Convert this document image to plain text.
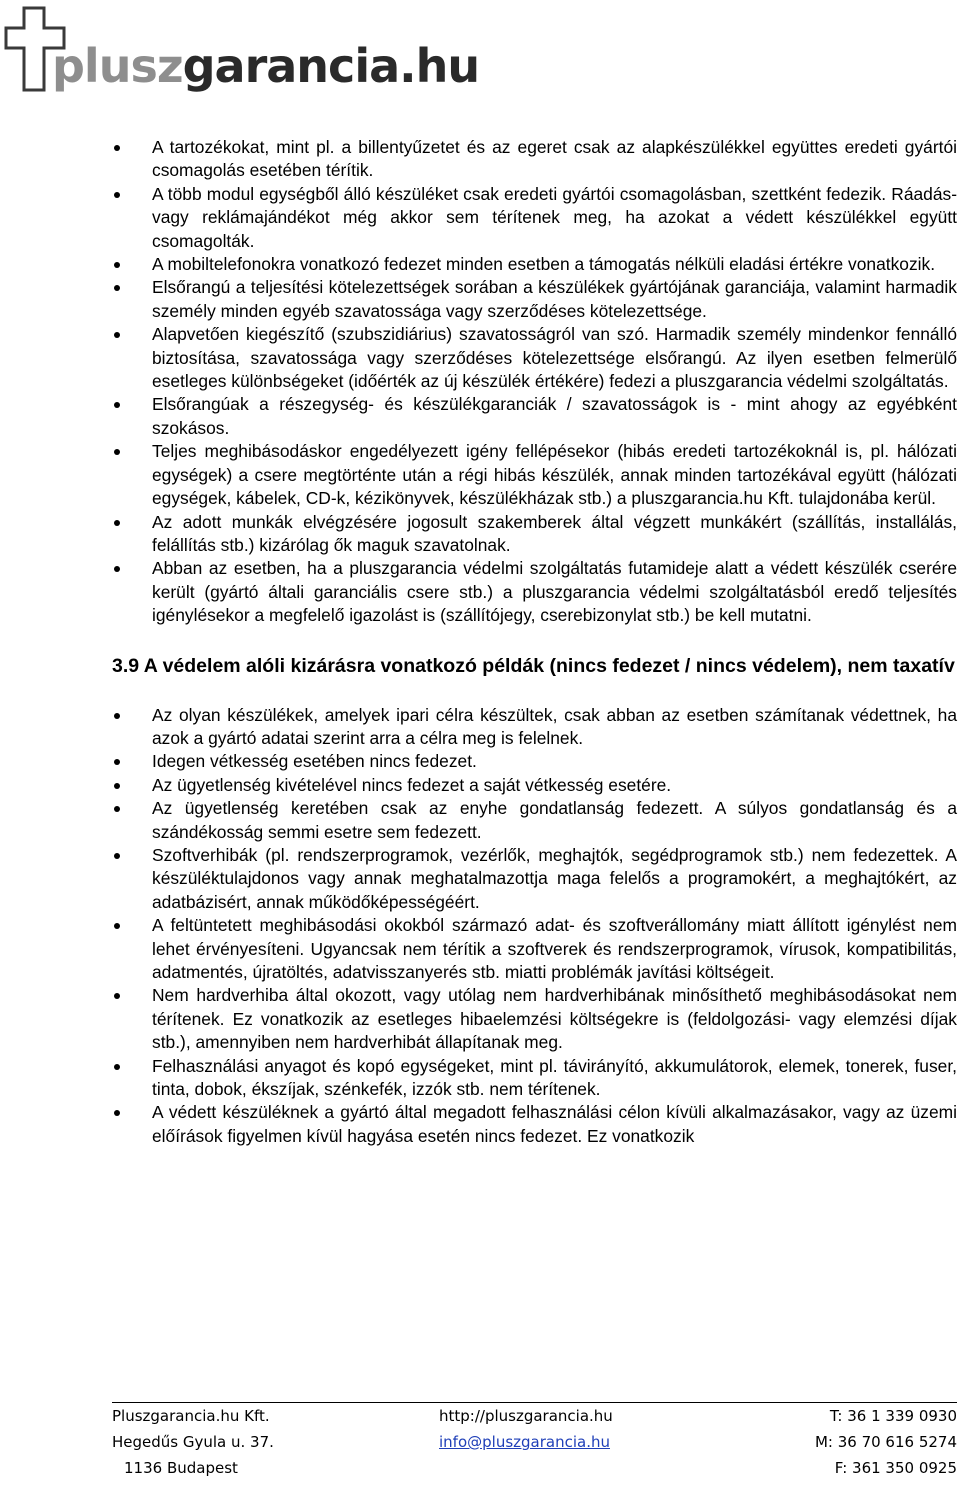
pluszgarancia.hu
A tartozékokat, mint pl. a billentyűzetet és az egeret csak az alapkészülékkel együttes eredeti gyártói csomagolás esetében térítik.
A több modul egységből álló készüléket csak eredeti gyártói csomagolásban, szettként fedezik. Ráadás- vagy reklámajándékot még akkor sem térítenek meg, ha azokat a védett készülékkel együtt csomagolták.
A mobiltelefonokra vonatkozó fedezet minden esetben a támogatás nélküli eladási értékre vonatkozik.
Elsőrangú a teljesítési kötelezettségek sorában a készülékek gyártójának garanciája, valamint harmadik személy minden egyéb szavatossága vagy szerződéses kötelezettsége.
Alapvetően kiegészítő (szubszidiárius) szavatosságról van szó. Harmadik személy mindenkor fennálló biztosítása, szavatossága vagy szerződéses kötelezettsége elsőrangú. Az ilyen esetben felmerülő esetleges különbségeket (időérték az új készülék értékére) fedezi a pluszgarancia védelmi szolgáltatás.
Elsőrangúak a részegység- és készülékgaranciák / szavatosságok is - mint ahogy az egyébként szokásos.
Teljes meghibásodáskor engedélyezett igény fellépésekor (hibás eredeti tartozékoknál is, pl. hálózati egységek) a csere megtörténte után a régi hibás készülék, annak minden tartozékával együtt (hálózati egységek, kábelek, CD-k, kézikönyvek, készülékházak stb.) a pluszgarancia.hu Kft. tulajdonába kerül.
Az adott munkák elvégzésére jogosult szakemberek által végzett munkákért (szállítás, installálás, felállítás stb.) kizárólag ők maguk szavatolnak.
Abban az esetben, ha a pluszgarancia védelmi szolgáltatás futamideje alatt a védett készülék cserére került (gyártó általi garanciális csere stb.) a pluszgarancia védelmi szolgáltatásból eredő teljesítés igénylésekor a megfelelő igazolást is (szállítójegy, cserebizonylat stb.) be kell mutatni.
3.9 A védelem alóli kizárásra vonatkozó példák (nincs fedezet / nincs védelem), nem taxatív
Az olyan készülékek, amelyek ipari célra készültek, csak abban az esetben számítanak védettnek, ha azok a gyártó adatai szerint arra a célra meg is felelnek.
Idegen vétkesség esetében nincs fedezet.
Az ügyetlenség kivételével nincs fedezet a saját vétkesség esetére.
Az ügyetlenség keretében csak az enyhe gondatlanság fedezett. A súlyos gondatlanság és a szándékosság semmi esetre sem fedezett.
Szoftverhibák (pl. rendszerprogramok, vezérlők, meghajtók, segédprogramok stb.) nem fedezettek. A készüléktulajdonos vagy annak meghatalmazottja maga felelős a programokért, a meghajtókért, az adatbázisért, annak működőképességéért.
A feltüntetett meghibásodási okokból származó adat- és szoftverállomány miatt állított igénylést nem lehet érvényesíteni. Ugyancsak nem térítik a szoftverek és rendszerprogramok, vírusok, kompatibilitás, adatmentés, újratöltés, adatvisszanyerés stb. miatti problémák javítási költségeit.
Nem hardverhiba által okozott, vagy utólag nem hardverhibának minősíthető meghibásodásokat nem térítenek. Ez vonatkozik az esetleges hibaelemzési költségekre is (feldolgozási- vagy elemzési díjak stb.), amennyiben nem hardverhibát állapítanak meg.
Felhasználási anyagot és kopó egységeket, mint pl. távirányító, akkumulátorok, elemek, tonerek, fuser, tinta, dobok, ékszíjak, szénkefék, izzók stb. nem térítenek.
A védett készüléknek a gyártó által megadott felhasználási célon kívüli alkalmazásakor, vagy az üzemi előírások figyelmen kívül hagyása esetén nincs fedezet. Ez vonatkozik
Pluszgarancia.hu Kft.	http://pluszgarancia.hu	T: 36 1 339 0930
Hegedűs Gyula u. 37.	info@pluszgarancia.hu	M: 36 70 616 5274
1136 Budapest	F: 361 350 0925
